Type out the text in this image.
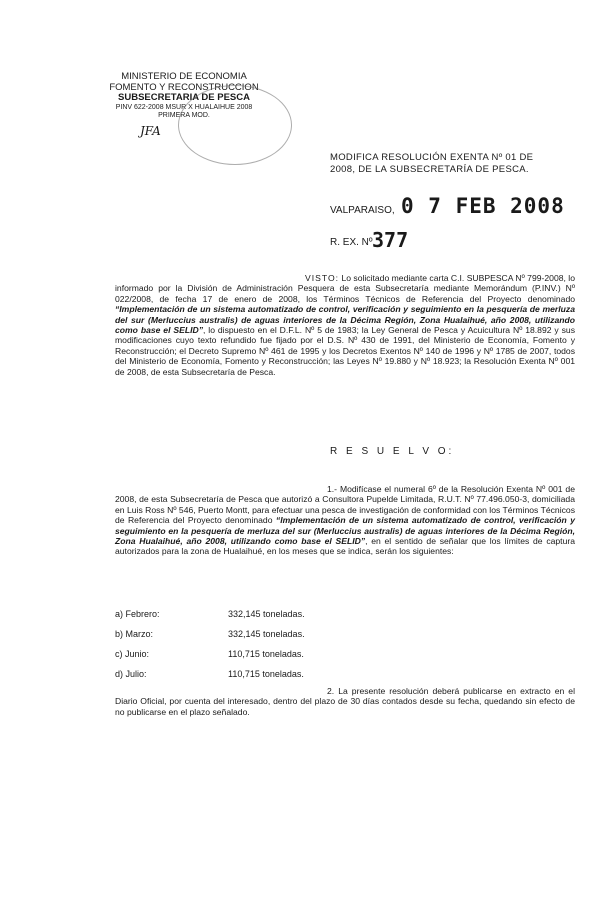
MINISTERIO DE ECONOMIA
FOMENTO Y RECONSTRUCCION
SUBSECRETARIA DE PESCA
PINV 622-2008 MSUR X HUALAIHUE 2008
PRIMERA MOD.
JFA
MODIFICA RESOLUCIÓN EXENTA Nº 01 DE
2008, DE LA SUBSECRETARÍA DE PESCA.
VALPARAISO, 0 7 FEB 2008
R. EX. Nº 377
VISTO: Lo solicitado mediante carta C.I. SUBPESCA Nº 799-2008, lo informado por la División de Administración Pesquera de esta Subsecretaría mediante Memorándum (P.INV.) Nº 022/2008, de fecha 17 de enero de 2008, los Términos Técnicos de Referencia del Proyecto denominado “Implementación de un sistema automatizado de control, verificación y seguimiento en la pesquería de merluza del sur (Merluccius australis) de aguas interiores de la Décima Región, Zona Hualaihué, año 2008, utilizando como base el SELID”, lo dispuesto en el D.F.L. Nº 5 de 1983; la Ley General de Pesca y Acuicultura Nº 18.892 y sus modificaciones cuyo texto refundido fue fijado por el D.S. Nº 430 de 1991, del Ministerio de Economía, Fomento y Reconstrucción; el Decreto Supremo Nº 461 de 1995 y los Decretos Exentos Nº 140 de 1996 y Nº 1785 de 2007, todos del Ministerio de Economía, Fomento y Reconstrucción; las Leyes Nº 19.880 y Nº 18.923; la Resolución Exenta Nº 001 de 2008, de esta Subsecretaría de Pesca.
R E S U E L V O:
1.- Modifícase el numeral 6º de la Resolución Exenta Nº 001 de 2008, de esta Subsecretaría de Pesca que autorizó a Consultora Pupelde Limitada, R.U.T. Nº 77.496.050-3, domiciliada en Luis Ross Nº 546, Puerto Montt, para efectuar una pesca de investigación de conformidad con los Términos Técnicos de Referencia del Proyecto denominado “Implementación de un sistema automatizado de control, verificación y seguimiento en la pesquería de merluza del sur (Merluccius australis) de aguas interiores de la Décima Región, Zona Hualaihué, año 2008, utilizando como base el SELID”, en el sentido de señalar que los límites de captura autorizados para la zona de Hualaihué, en los meses que se indica, serán los siguientes:
a) Febrero:	332,145 toneladas.
b) Marzo:	332,145 toneladas.
c) Junio:	110,715 toneladas.
d) Julio:	110,715 toneladas.
2. La presente resolución deberá publicarse en extracto en el Diario Oficial, por cuenta del interesado, dentro del plazo de 30 días contados desde su fecha, quedando sin efecto de no publicarse en el plazo señalado.
